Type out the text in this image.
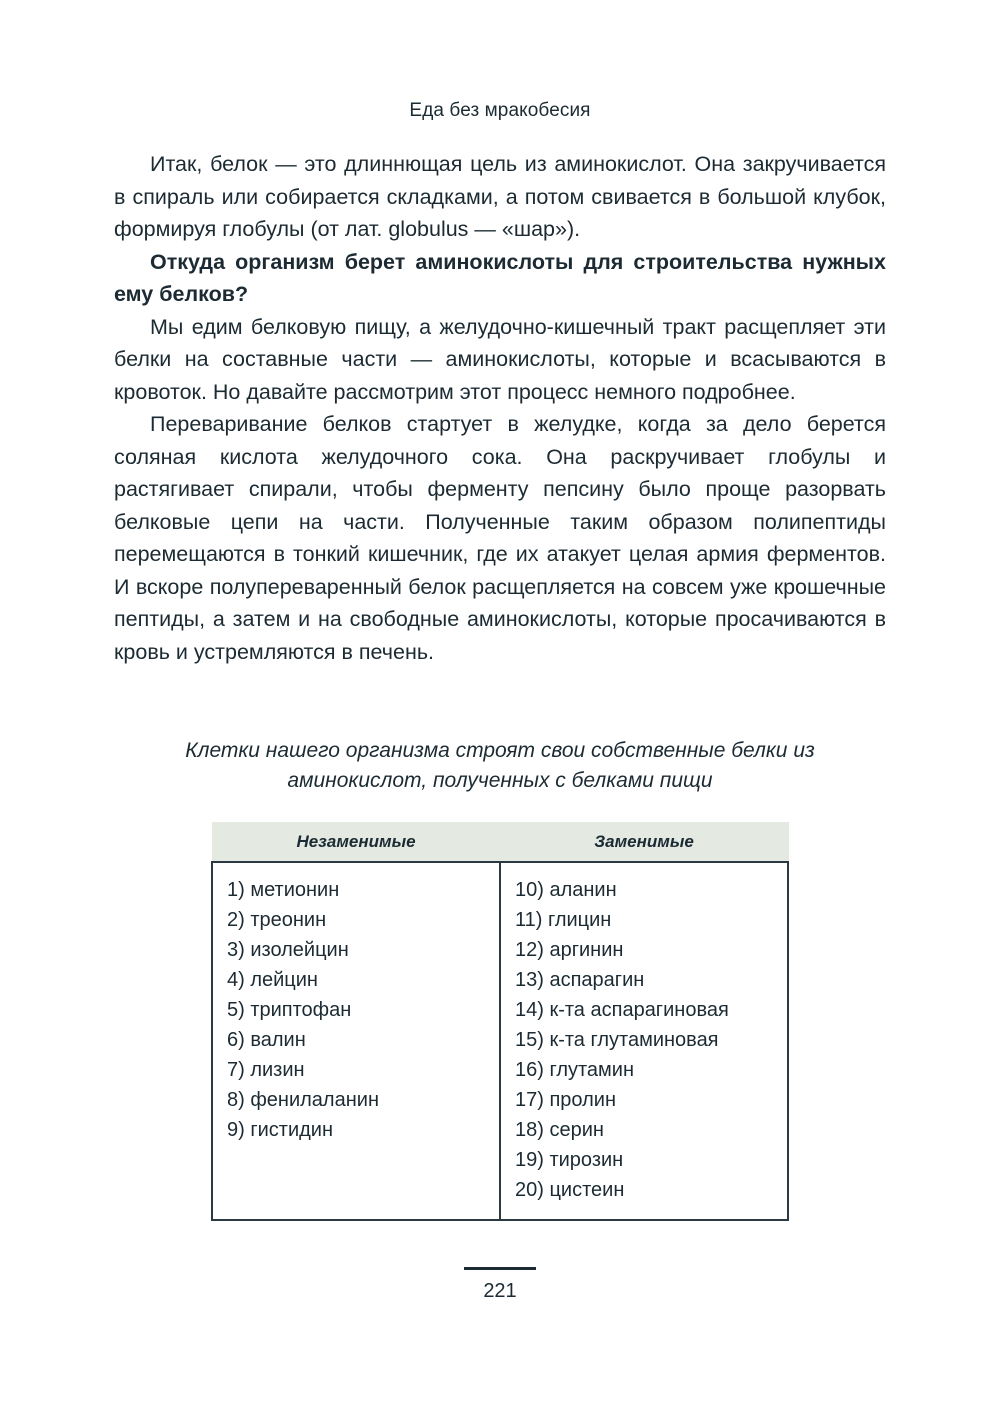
Еда без мракобесия

Итак, белок — это длиннющая цель из аминокислот. Она закручивается в спираль или собирается складками, а потом свивается в большой клубок, формируя глобулы (от лат. globulus — «шар»).

Откуда организм берет аминокислоты для строительства нужных ему белков?

Мы едим белковую пищу, а желудочно-кишечный тракт расщепляет эти белки на составные части — аминокислоты, которые и всасываются в кровоток. Но давайте рассмотрим этот процесс немного подробнее.

Переваривание белков стартует в желудке, когда за дело берется соляная кислота желудочного сока. Она раскручивает глобулы и растягивает спирали, чтобы ферменту пепсину было проще разорвать белковые цепи на части. Полученные таким образом полипептиды перемещаются в тонкий кишечник, где их атакует целая армия ферментов. И вскоре полупереваренный белок расщепляется на совсем уже крошечные пептиды, а затем и на свободные аминокислоты, которые просачиваются в кровь и устремляются в печень.

Клетки нашего организма строят свои собственные белки из аминокислот, полученных с белками пищи
Незаменимые	Заменимые

1) метионин
2) треонин
3) изолейцин
4) лейцин
5) триптофан
6) валин
7) лизин
8) фенилаланин
9) гистидин

10) аланин
11) глицин
12) аргинин
13) аспарагин
14) к-та аспарагиновая
15) к-та глутаминовая
16) глутамин
17) пролин
18) серин
19) тирозин
20) цистеин
221
